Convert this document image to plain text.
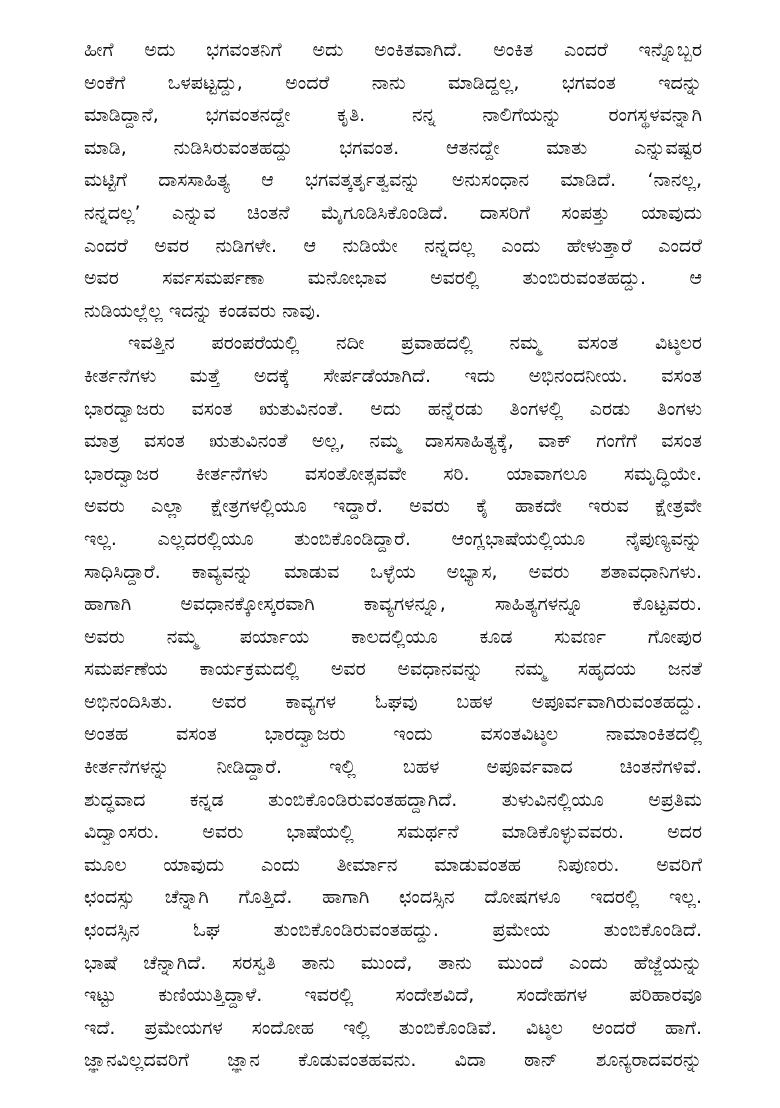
ಹೀಗೆ ಅದು ಭಗವಂತನಿಗೆ ಅದು ಅಂಕಿತವಾಗಿದೆ. ಅಂಕಿತ ಎಂದರೆ ಇನ್ನೊಬ್ಬರ
ಅಂಕೆಗೆ ಒಳಪಟ್ಟದ್ದು, ಅಂದರೆ ನಾನು ಮಾಡಿದ್ದಲ್ಲ, ಭಗವಂತ ಇದನ್ನು
ಮಾಡಿದ್ದಾನೆ, ಭಗವಂತನದ್ದೇ ಕೃತಿ. ನನ್ನ ನಾಲಿಗೆಯನ್ನು ರಂಗಸ್ಥಳವನ್ನಾಗಿ
ಮಾಡಿ, ನುಡಿಸಿರುವಂತಹದ್ದು ಭಗವಂತ. ಆತನದ್ದೇ ಮಾತು ಎನ್ನುವಷ್ಟರ
ಮಟ್ಟಿಗೆ ದಾಸಸಾಹಿತ್ಯ ಆ ಭಗವತ್ಕರ್ತೃತ್ವವನ್ನು ಅನುಸಂಧಾನ ಮಾಡಿದೆ. ‘ನಾನಲ್ಲ,
ನನ್ನದಲ್ಲ’ ಎನ್ನುವ ಚಿಂತನೆ ಮೈಗೂಡಿಸಿಕೊಂಡಿದೆ. ದಾಸರಿಗೆ ಸಂಪತ್ತು ಯಾವುದು
ಎಂದರೆ ಅವರ ನುಡಿಗಳೇ. ಆ ನುಡಿಯೇ ನನ್ನದಲ್ಲ ಎಂದು ಹೇಳುತ್ತಾರೆ ಎಂದರೆ
ಅವರ ಸರ್ವಸಮರ್ಪಣಾ ಮನೋಭಾವ ಅವರಲ್ಲಿ ತುಂಬಿರುವಂತಹದ್ದು. ಆ
ನುಡಿಯಲ್ಲೆಲ್ಲ ಇದನ್ನು ಕಂಡವರು ನಾವು.
ಇವತ್ತಿನ ಪರಂಪರೆಯಲ್ಲಿ ನದೀ ಪ್ರವಾಹದಲ್ಲಿ ನಮ್ಮ ವಸಂತ ವಿಟ್ಠಲರ
ಕೀರ್ತನೆಗಳು ಮತ್ತೆ ಅದಕ್ಕೆ ಸೇರ್ಪಡೆಯಾಗಿದೆ. ಇದು ಅಭಿನಂದನೀಯ. ವಸಂತ
ಭಾರದ್ವಾಜರು ವಸಂತ ಋತುವಿನಂತೆ. ಅದು ಹನ್ನೆರಡು ತಿಂಗಳಲ್ಲಿ ಎರಡು ತಿಂಗಳು
ಮಾತ್ರ ವಸಂತ ಋತುವಿನಂತೆ ಅಲ್ಲ, ನಮ್ಮ ದಾಸಸಾಹಿತ್ಯಕ್ಕೆ, ವಾಕ್ ಗಂಗೆಗೆ ವಸಂತ
ಭಾರದ್ವಾಜರ ಕೀರ್ತನೆಗಳು ವಸಂತೋತ್ಸವವೇ ಸರಿ. ಯಾವಾಗಲೂ ಸಮೃದ್ಧಿಯೇ.
ಅವರು ಎಲ್ಲಾ ಕ್ಷೇತ್ರಗಳಲ್ಲಿಯೂ ಇದ್ದಾರೆ. ಅವರು ಕೈ ಹಾಕದೇ ಇರುವ ಕ್ಷೇತ್ರವೇ
ಇಲ್ಲ. ಎಲ್ಲದರಲ್ಲಿಯೂ ತುಂಬಿಕೊಂಡಿದ್ದಾರೆ. ಆಂಗ್ಲಭಾಷೆಯಲ್ಲಿಯೂ ನೈಪುಣ್ಯವನ್ನು
ಸಾಧಿಸಿದ್ದಾರೆ. ಕಾವ್ಯವನ್ನು ಮಾಡುವ ಒಳ್ಳೆಯ ಅಭ್ಯಾಸ, ಅವರು ಶತಾವಧಾನಿಗಳು.
ಹಾಗಾಗಿ ಅವಧಾನಕ್ಕೋಸ್ಕರವಾಗಿ ಕಾವ್ಯಗಳನ್ನೂ, ಸಾಹಿತ್ಯಗಳನ್ನೂ ಕೊಟ್ಟವರು.
ಅವರು ನಮ್ಮ ಪರ್ಯಾಯ ಕಾಲದಲ್ಲಿಯೂ ಕೂಡ ಸುವರ್ಣ ಗೋಪುರ
ಸಮರ್ಪಣೆಯ ಕಾರ್ಯಕ್ರಮದಲ್ಲಿ ಅವರ ಅವಧಾನವನ್ನು ನಮ್ಮ ಸಹೃದಯ ಜನತೆ
ಅಭಿನಂದಿಸಿತು. ಅವರ ಕಾವ್ಯಗಳ ಓಘವು ಬಹಳ ಅಪೂರ್ವವಾಗಿರುವಂತಹದ್ದು.
ಅಂತಹ ವಸಂತ ಭಾರದ್ವಾಜರು ಇಂದು ವಸಂತವಿಟ್ಠಲ ನಾಮಾಂಕಿತದಲ್ಲಿ
ಕೀರ್ತನೆಗಳನ್ನು ನೀಡಿದ್ದಾರೆ. ಇಲ್ಲಿ ಬಹಳ ಅಪೂರ್ವವಾದ ಚಿಂತನೆಗಳಿವೆ.
ಶುದ್ಧವಾದ ಕನ್ನಡ ತುಂಬಿಕೊಂಡಿರುವಂತಹದ್ದಾಗಿದೆ. ತುಳುವಿನಲ್ಲಿಯೂ ಅಪ್ರತಿಮ
ವಿದ್ವಾಂಸರು. ಅವರು ಭಾಷೆಯಲ್ಲಿ ಸಮರ್ಥನೆ ಮಾಡಿಕೊಳ್ಳುವವರು. ಅದರ
ಮೂಲ ಯಾವುದು ಎಂದು ತೀರ್ಮಾನ ಮಾಡುವಂತಹ ನಿಪುಣರು. ಅವರಿಗೆ
ಛಂದಸ್ಸು ಚೆನ್ನಾಗಿ ಗೊತ್ತಿದೆ. ಹಾಗಾಗಿ ಛಂದಸ್ಸಿನ ದೋಷಗಳೂ ಇದರಲ್ಲಿ ಇಲ್ಲ.
ಛಂದಸ್ಸಿನ ಓಘ ತುಂಬಿಕೊಂಡಿರುವಂತಹದ್ದು. ಪ್ರಮೇಯ ತುಂಬಿಕೊಂಡಿದೆ.
ಭಾಷೆ ಚೆನ್ನಾಗಿದೆ. ಸರಸ್ವತಿ ತಾನು ಮುಂದೆ, ತಾನು ಮುಂದೆ ಎಂದು ಹೆಜ್ಜೆಯನ್ನು
ಇಟ್ಟು ಕುಣಿಯುತ್ತಿದ್ದಾಳೆ. ಇವರಲ್ಲಿ ಸಂದೇಶವಿದೆ, ಸಂದೇಹಗಳ ಪರಿಹಾರವೂ
ಇದೆ. ಪ್ರಮೇಯಗಳ ಸಂದೋಹ ಇಲ್ಲಿ ತುಂಬಿಕೊಂಡಿವೆ. ವಿಟ್ಠಲ ಅಂದರೆ ಹಾಗೆ.
ಜ್ಞಾನವಿಲ್ಲದವರಿಗೆ ಜ್ಞಾನ ಕೊಡುವಂತಹವನು. ವಿದಾ ಠಾನ್ ಶೂನ್ಯರಾದವರನ್ನು
